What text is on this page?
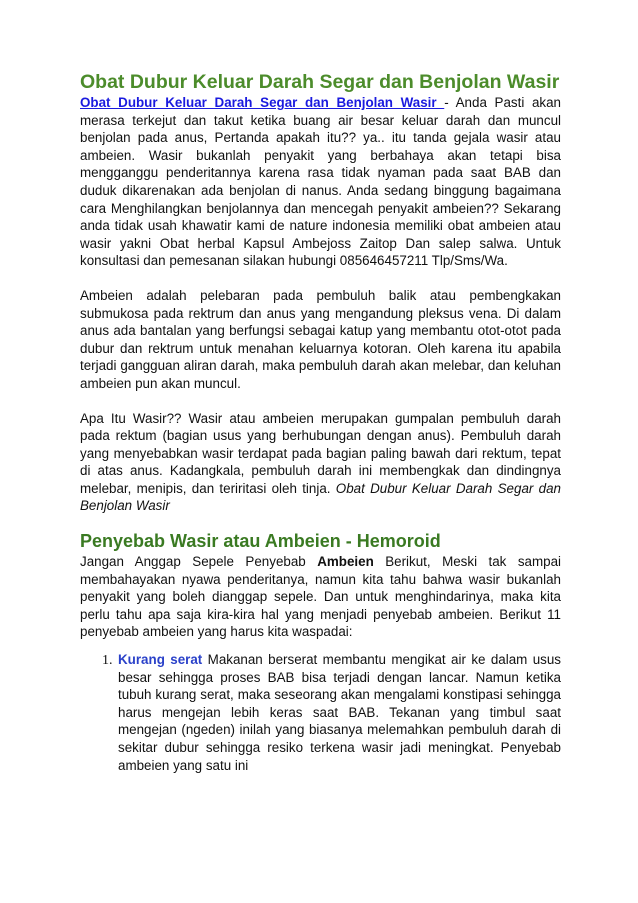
Obat Dubur Keluar Darah Segar dan Benjolan Wasir

Obat Dubur Keluar Darah Segar dan Benjolan Wasir - Anda Pasti akan merasa terkejut dan takut ketika buang air besar keluar darah dan muncul benjolan pada anus, Pertanda apakah itu?? ya.. itu tanda gejala wasir atau ambeien. Wasir bukanlah penyakit yang berbahaya akan tetapi bisa mengganggu penderitannya karena rasa tidak nyaman pada saat BAB dan duduk dikarenakan ada benjolan di nanus. Anda sedang binggung bagaimana cara Menghilangkan benjolannya dan mencegah penyakit ambeien?? Sekarang anda tidak usah khawatir kami de nature indonesia memiliki obat ambeien atau wasir yakni Obat herbal Kapsul Ambejoss Zaitop Dan salep salwa. Untuk konsultasi dan pemesanan silakan hubungi 085646457211 Tlp/Sms/Wa.

Ambeien adalah pelebaran pada pembuluh balik atau pembengkakan submukosa pada rektrum dan anus yang mengandung pleksus vena. Di dalam anus ada bantalan yang berfungsi sebagai katup yang membantu otot-otot pada dubur dan rektrum untuk menahan keluarnya kotoran. Oleh karena itu apabila terjadi gangguan aliran darah, maka pembuluh darah akan melebar, dan keluhan ambeien pun akan muncul.

Apa Itu Wasir?? Wasir atau ambeien merupakan gumpalan pembuluh darah pada rektum (bagian usus yang berhubungan dengan anus). Pembuluh darah yang menyebabkan wasir terdapat pada bagian paling bawah dari rektum, tepat di atas anus. Kadangkala, pembuluh darah ini membengkak dan dindingnya melebar, menipis, dan teriritasi oleh tinja. Obat Dubur Keluar Darah Segar dan Benjolan Wasir

Penyebab Wasir atau Ambeien - Hemoroid

Jangan Anggap Sepele Penyebab Ambeien Berikut, Meski tak sampai membahayakan nyawa penderitanya, namun kita tahu bahwa wasir bukanlah penyakit yang boleh dianggap sepele. Dan untuk menghindarinya, maka kita perlu tahu apa saja kira-kira hal yang menjadi penyebab ambeien. Berikut 11 penyebab ambeien yang harus kita waspadai:

1. Kurang serat Makanan berserat membantu mengikat air ke dalam usus besar sehingga proses BAB bisa terjadi dengan lancar. Namun ketika tubuh kurang serat, maka seseorang akan mengalami konstipasi sehingga harus mengejan lebih keras saat BAB. Tekanan yang timbul saat mengejan (ngeden) inilah yang biasanya melemahkan pembuluh darah di sekitar dubur sehingga resiko terkena wasir jadi meningkat. Penyebab ambeien yang satu ini
